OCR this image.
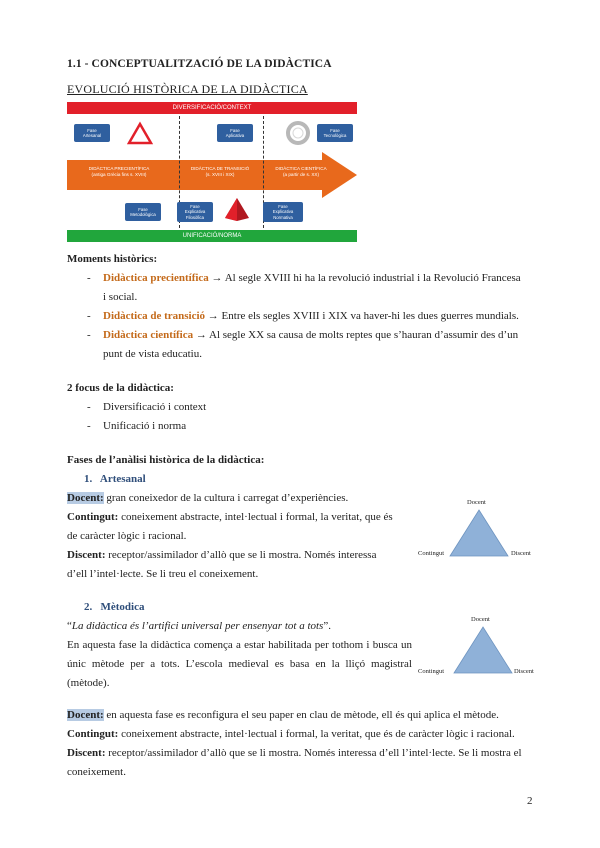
1.1 - CONCEPTUALITZACIÓ DE LA DIDÀCTICA
EVOLUCIÓ HISTÒRICA DE LA DIDÀCTICA
DIVERSIFICACIÓ/CONTEXT
DIDÀCTICA PRECIENTÍFICA
(antiga Grècia fins s. XVIII)
DIDÀCTICA DE TRANSICIÓ
(s. XVIII i XIX)
DIDÀCTICA CIENTÍFICA
(a partir de s. XX)
Fase
Artesanal
Fase
Metodològica
Fase
Explicativa
Filosòfica
Fase
Aplicativa
Fase
Tecnològica
Fase
Explicativa
Normativa
UNIFICACIÓ/NORMA
Moments històrics:
- Didàctica precientífica → Al segle XVIII hi ha la revolució industrial i la Revolució Francesa
i social.
- Didàctica de transició → Entre els segles XVIII i XIX va haver-hi les dues guerres mundials.
- Didàctica científica → Al segle XX sa causa de molts reptes que s’hauran d’assumir des d’un
punt de vista educatiu.
2 focus de la didàctica:
- Diversificació i context
- Unificació i norma
Fases de l’anàlisi històrica de la didàctica:
1. Artesanal
Docent: gran coneixedor de la cultura i carregat d’experiències.
Contingut: coneixement abstracte, intel·lectual i formal, la veritat, que és
de caràcter lògic i racional.
Discent: receptor/assimilador d’allò que se li mostra. Només interessa
d’ell l’intel·lecte. Se li treu el coneixement.
Docent
Contingut	Discent
2. Mètodica
“La didàctica és l’artifici universal per ensenyar tot a tots”.
En aquesta fase la didàctica comença a estar habilitada per tothom i busca un únic mètode per a tots. L’escola medieval es basa en la lliçó magistral (mètode).
Docent
Contingut	Discent
Docent: en aquesta fase es reconfigura el seu paper en clau de mètode, ell és qui aplica el mètode.
Contingut: coneixement abstracte, intel·lectual i formal, la veritat, que és de caràcter lògic i racional.
Discent: receptor/assimilador d’allò que se li mostra. Només interessa d’ell l’intel·lecte. Se li mostra el
coneixement.
2
